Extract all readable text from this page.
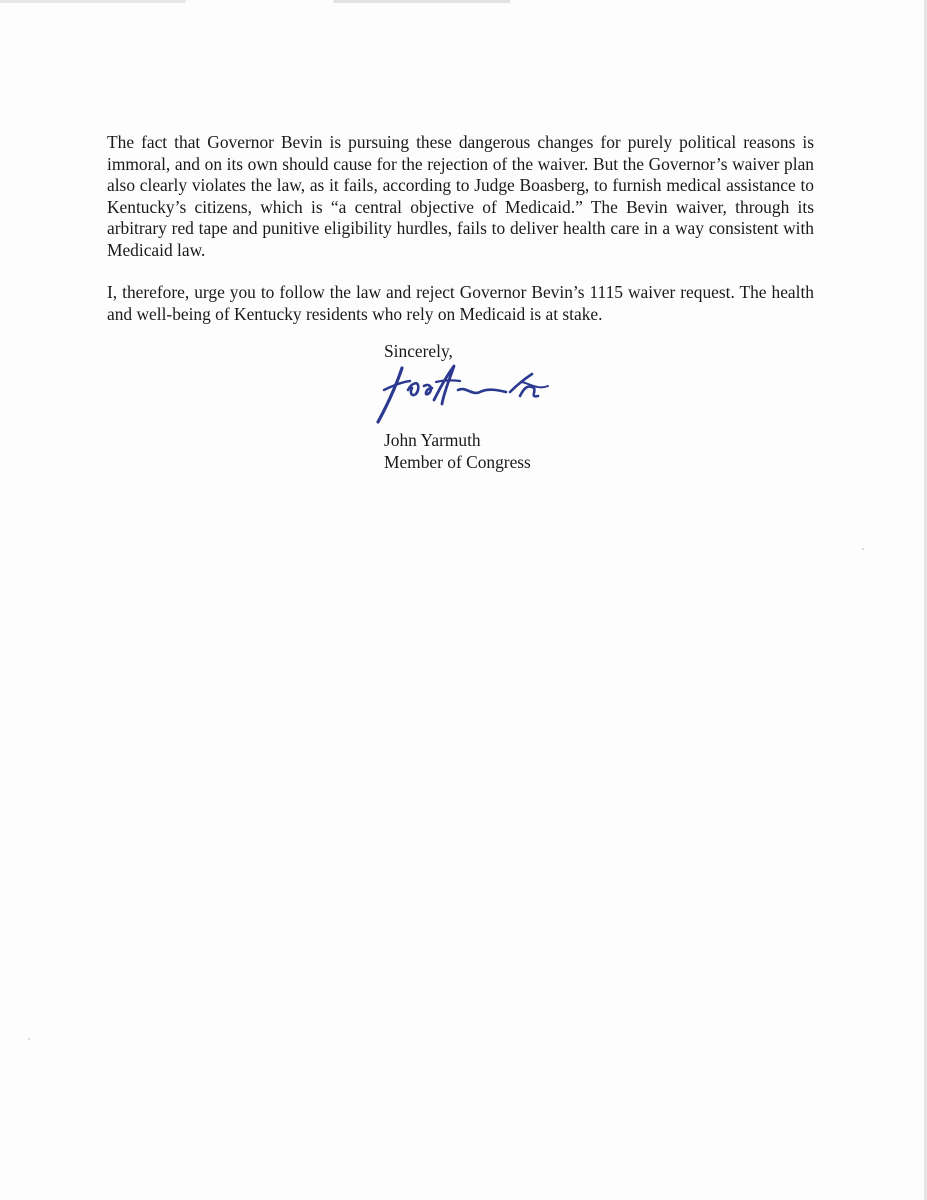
The fact that Governor Bevin is pursuing these dangerous changes for purely political reasons is immoral, and on its own should cause for the rejection of the waiver. But the Governor’s waiver plan also clearly violates the law, as it fails, according to Judge Boasberg, to furnish medical assistance to Kentucky’s citizens, which is “a central objective of Medicaid.” The Bevin waiver, through its arbitrary red tape and punitive eligibility hurdles, fails to deliver health care in a way consistent with Medicaid law.

I, therefore, urge you to follow the law and reject Governor Bevin’s 1115 waiver request. The health and well-being of Kentucky residents who rely on Medicaid is at stake.

Sincerely,
John Yarmuth
Member of Congress
